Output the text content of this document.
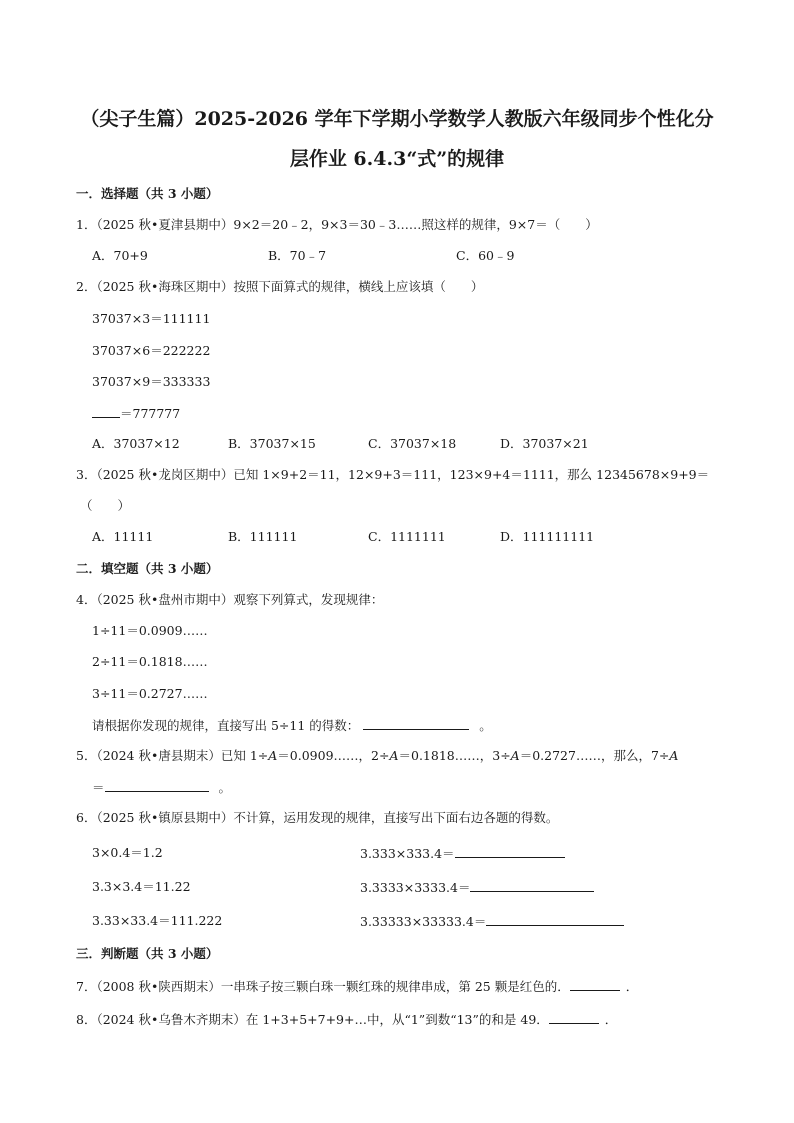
（尖子生篇）2025-2026 学年下学期小学数学人教版六年级同步个性化分
层作业 6.4.3“式”的规律
一．选择题（共 3 小题）
1．（2025 秋•夏津县期中）9×2＝20﹣2，9×3＝30﹣3……照这样的规律，9×7＝（　　）
A．70+9	B．70﹣7	C．60﹣9
2．（2025 秋•海珠区期中）按照下面算式的规律，横线上应该填（　　）
37037×3＝111111
37037×6＝222222
37037×9＝333333
＝777777
A．37037×12	B．37037×15	C．37037×18	D．37037×21
3．（2025 秋•龙岗区期中）已知 1×9+2＝11，12×9+3＝111，123×9+4＝1111，那么 12345678×9+9＝
（　　）
A．11111	B．111111	C．1111111	D．111111111
二．填空题（共 3 小题）
4．（2025 秋•盘州市期中）观察下列算式，发现规律：
1÷11＝0.0909……
2÷11＝0.1818……
3÷11＝0.2727……
请根据你发现的规律，直接写出 5÷11 的得数：	。
5．（2024 秋•唐县期末）已知 1÷A＝0.0909……，2÷A＝0.1818……，3÷A＝0.2727……，那么，7÷A
＝	。
6．（2025 秋•镇原县期中）不计算，运用发现的规律，直接写出下面右边各题的得数。
3×0.4＝1.2	3.333×333.4＝
3.3×3.4＝11.22	3.3333×3333.4＝
3.33×33.4＝111.222	3.33333×33333.4＝
三．判断题（共 3 小题）
7．（2008 秋•陕西期末）一串珠子按三颗白珠一颗红珠的规律串成，第 25 颗是红色的．	．
8．（2024 秋•乌鲁木齐期末）在 1+3+5+7+9+…中，从“1”到数“13”的和是 49．	．
